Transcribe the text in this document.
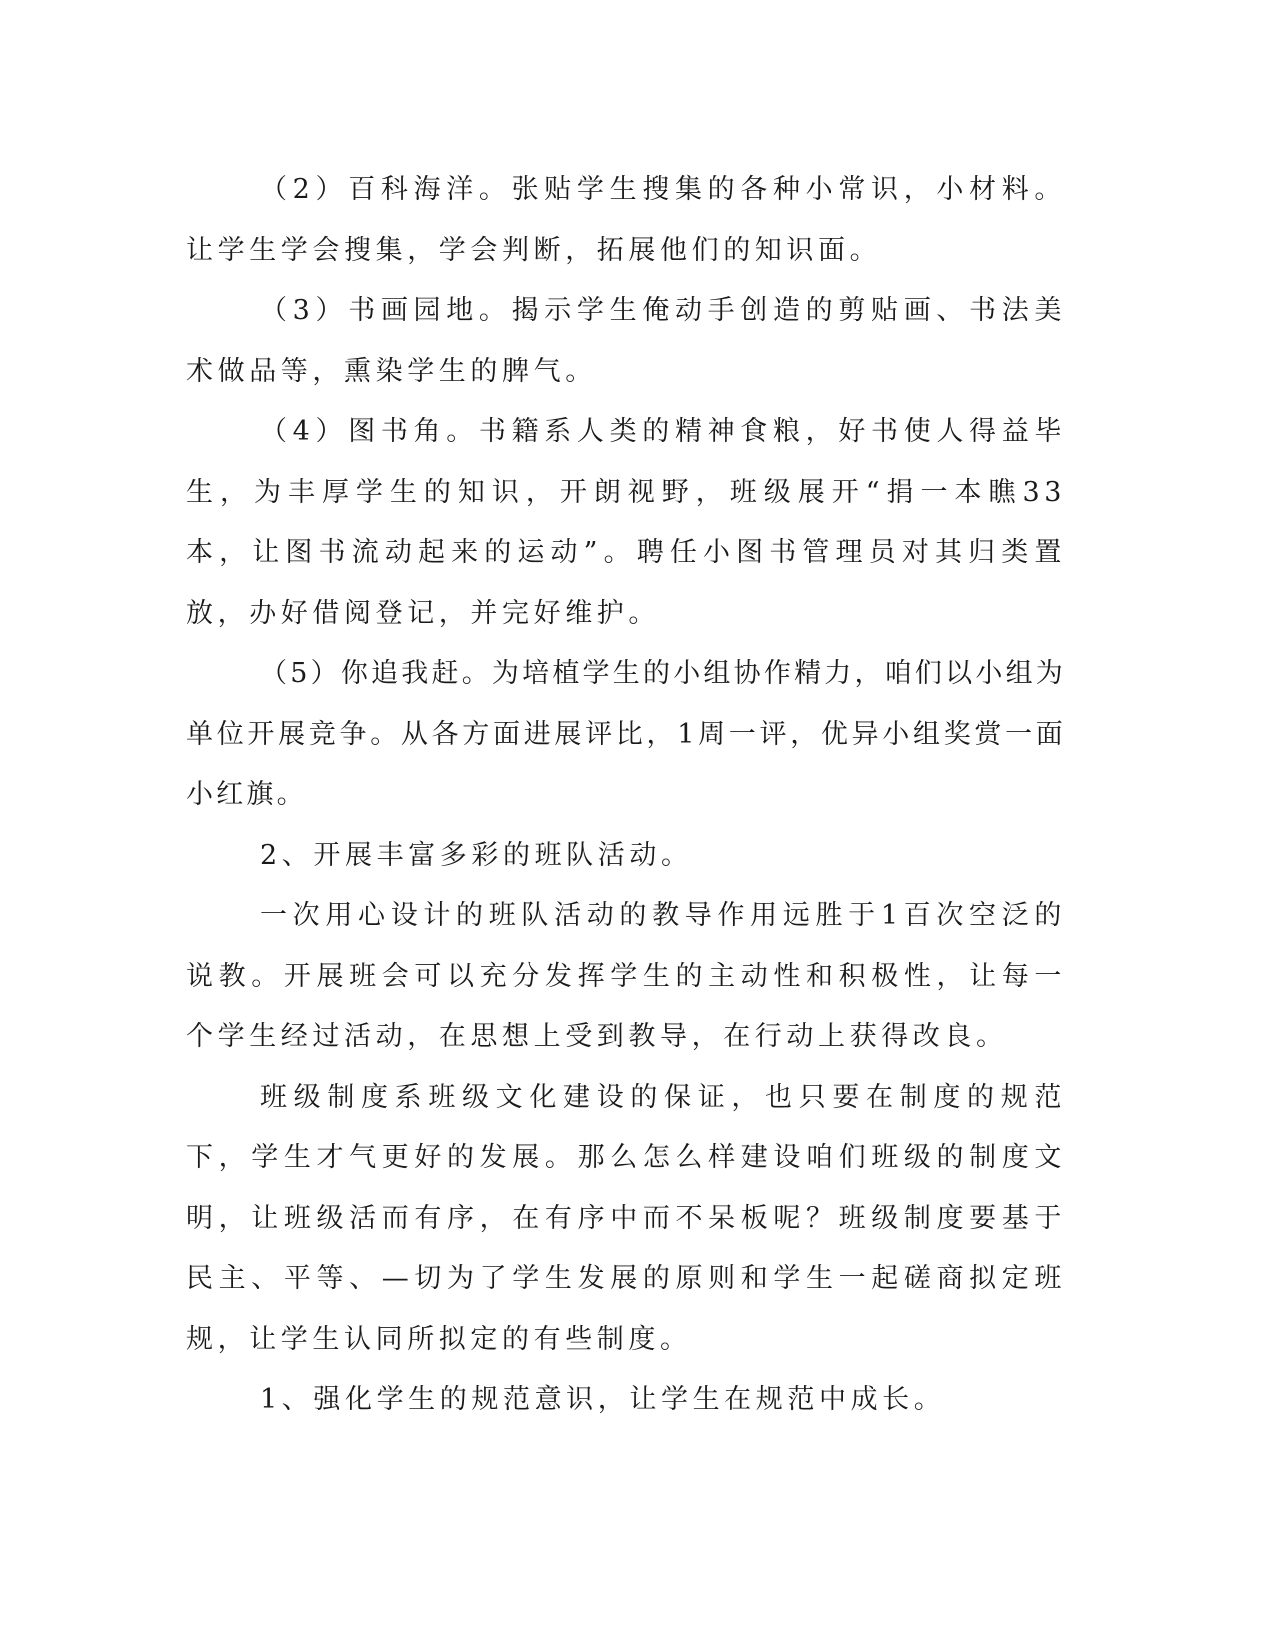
（2）百科海洋。张贴学生搜集的各种小常识，小材料。让学生学会搜集，学会判断，拓展他们的知识面。

（3）书画园地。揭示学生俺动手创造的剪贴画、书法美术做品等，熏染学生的脾气。

（4）图书角。书籍系人类的精神食粮，好书使人得益毕生，为丰厚学生的知识，开朗视野，班级展开“捐一本瞧33本，让图书流动起来的运动”。聘任小图书管理员对其归类置放，办好借阅登记，并完好维护。

（5）你追我赶。为培植学生的小组协作精力，咱们以小组为单位开展竞争。从各方面进展评比，1周一评，优异小组奖赏一面小红旗。

2、开展丰富多彩的班队活动。

一次用心设计的班队活动的教导作用远胜于1百次空泛的说教。开展班会可以充分发挥学生的主动性和积极性，让每一个学生经过活动，在思想上受到教导，在行动上获得改良。

班级制度系班级文化建设的保证，也只要在制度的规范下，学生才气更好的发展。那么怎么样建设咱们班级的制度文明，让班级活而有序，在有序中而不呆板呢？班级制度要基于民主、平等、—切为了学生发展的原则和学生一起磋商拟定班规，让学生认同所拟定的有些制度。

1、强化学生的规范意识，让学生在规范中成长。
